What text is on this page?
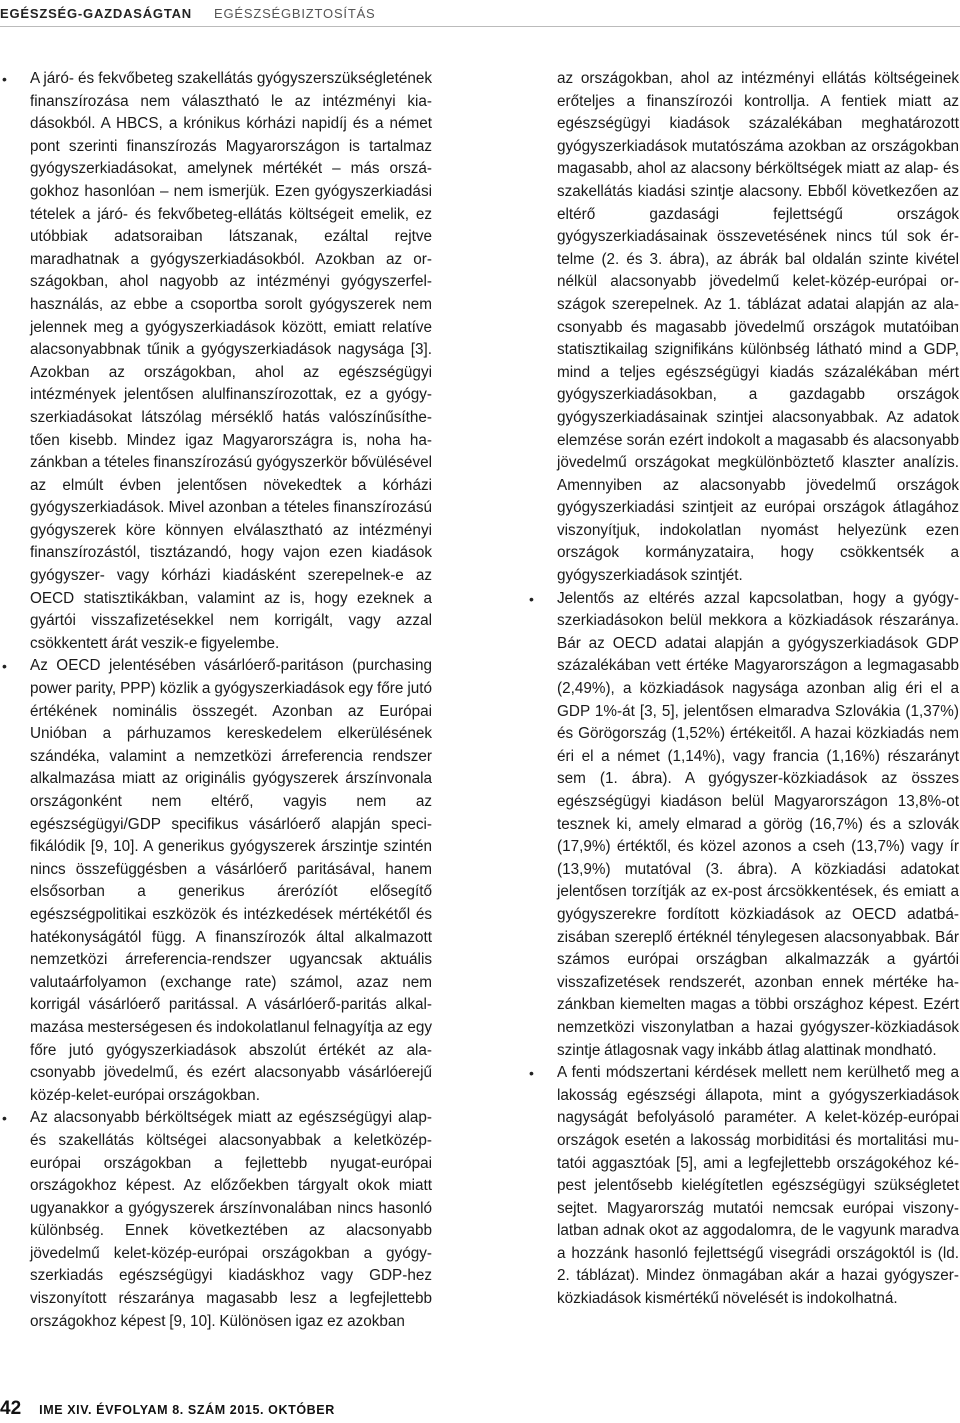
EGÉSZSÉG-GAZDASÁGTAN EGÉSZSÉGBIZTOSÍTÁS

• A járó- és fekvőbeteg szakellátás gyógyszerszükségletének finanszírozása nem választható le az intézményi kiadásokból. A HBCS, a krónikus kórházi napidíj és a német pont szerinti finanszírozás Magyarországon is tartalmaz gyógyszerkiadásokat, amelynek mértékét – más országokhoz hasonlóan – nem ismerjük. Ezen gyógyszerkiadási tételek a járó- és fekvőbeteg-ellátás költségeit emelik, ez utóbbiak adatsoraiban látszanak, ezáltal rejtve maradhatnak a gyógyszerkiadásokból. Azokban az országokban, ahol nagyobb az intézményi gyógyszerfelhasználás, az ebbe a csoportba sorolt gyógyszerek nem jelennek meg a gyógyszerkiadások között, emiatt relatíve alacsonyabbnak tűnik a gyógyszerkiadások nagysága [3]. Azokban az országokban, ahol az egészségügyi intézmények jelentősen alulfinanszírozottak, ez a gyógyszerkiadásokat látszólag mérséklő hatás valószínűsíthetően kisebb. Mindez igaz Magyarországra is, noha hazánkban a tételes finanszírozású gyógyszerkör bővülésével az elmúlt évben jelentősen növekedtek a kórházi gyógyszerkiadások. Mivel azonban a tételes finanszírozású gyógyszerek köre könnyen elválasztható az intézményi finanszírozástól, tisztázandó, hogy vajon ezen kiadások gyógyszer- vagy kórházi kiadásként szerepelnek-e az OECD statisztikákban, valamint az is, hogy ezeknek a gyártói visszafizetésekkel nem korrigált, vagy azzal csökkentett árát veszik-e figyelembe.

• Az OECD jelentésében vásárlóerő-paritáson (purchasing power parity, PPP) közlik a gyógyszerkiadások egy főre jutó értékének nominális összegét. Azonban az Európai Unióban a párhuzamos kereskedelem elkerülésének szándéka, valamint a nemzetközi árreferencia rendszer alkalmazása miatt az originális gyógyszerek árszínvonala országonként nem eltérő, vagyis nem az egészségügyi/GDP specifikus vásárlóerő alapján specifikálódik [9, 10]. A generikus gyógyszerek árszintje szintén nincs összefüggésben a vásárlóerő paritásával, hanem elsősorban a generikus árerózíót elősegítő egészségpolitikai eszközök és intézkedések mértékétől és hatékonyságától függ. A finanszírozók által alkalmazott nemzetközi árreferencia-rendszer ugyancsak aktuális valutaárfolyamon (exchange rate) számol, azaz nem korrigál vásárlóerő paritással. A vásárlóerő-paritás alkalmazása mesterségesen és indokolatlanul felnagyítja az egy főre jutó gyógyszerkiadások abszolút értékét az alacsonyabb jövedelmű, és ezért alacsonyabb vásárlóerejű közép-kelet-európai országokban.

• Az alacsonyabb bérköltségek miatt az egészségügyi alap- és szakellátás költségei alacsonyabbak a keletközép-európai országokban a fejlettebb nyugat-európai országokhoz képest. Az előzőekben tárgyalt okok miatt ugyanakkor a gyógyszerek árszínvonalában nincs hasonló különbség. Ennek következtében az alacsonyabb jövedelmű kelet-közép-európai országokban a gyógyszerkiadás egészségügyi kiadáskhoz vagy GDP-hez viszonyított részaránya magasabb lesz a legfejlettebb országokhoz képest [9, 10]. Különösen igaz ez azokban

az országokban, ahol az intézményi ellátás költségeinek erőteljes a finanszírozói kontrollja. A fentiek miatt az egészségügyi kiadások százalékában meghatározott gyógyszerkiadások mutatószáma azokban az országokban magasabb, ahol az alacsony bérköltségek miatt az alap- és szakellátás kiadási szintje alacsony. Ebből következően az eltérő gazdasági fejlettségű országok gyógyszerkiadásainak összevetésének nincs túl sok értelme (2. és 3. ábra), az ábrák bal oldalán szinte kivétel nélkül alacsonyabb jövedelmű kelet-közép-európai országok szerepelnek. Az 1. táblázat adatai alapján az alacsonyabb és magasabb jövedelmű országok mutatóiban statisztikailag szignifikáns különbség látható mind a GDP, mind a teljes egészségügyi kiadás százalékában mért gyógyszerkiadásokban, a gazdagabb országok gyógyszerkiadásainak szintjei alacsonyabbak. Az adatok elemzése során ezért indokolt a magasabb és alacsonyabb jövedelmű országokat megkülönböztető klaszter analízis. Amennyiben az alacsonyabb jövedelmű országok gyógyszerkiadási szintjeit az európai országok átlagához viszonyítjuk, indokolatlan nyomást helyezünk ezen országok kormányzataira, hogy csökkentsék a gyógyszerkiadások szintjét.

• Jelentős az eltérés azzal kapcsolatban, hogy a gyógyszerkiadásokon belül mekkora a közkiadások részaránya. Bár az OECD adatai alapján a gyógyszerkiadások GDP százalékában vett értéke Magyarországon a legmagasabb (2,49%), a közkiadások nagysága azonban alig éri el a GDP 1%-át [3, 5], jelentősen elmaradva Szlovákia (1,37%) és Görögország (1,52%) értékeitől. A hazai közkiadás nem éri el a német (1,14%), vagy francia (1,16%) részarányt sem (1. ábra). A gyógyszer-közkiadások az összes egészségügyi kiadáson belül Magyarországon 13,8%-ot tesznek ki, amely elmarad a görög (16,7%) és a szlovák (17,9%) értéktől, és közel azonos a cseh (13,7%) vagy ír (13,9%) mutatóval (3. ábra). A közkiadási adatokat jelentősen torzítják az ex-post árcsökkentések, és emiatt a gyógyszerekre fordított közkiadások az OECD adatbázisában szereplő értéknél ténylegesen alacsonyabbak. Bár számos európai országban alkalmazzák a gyártói visszafizetések rendszerét, azonban ennek mértéke hazánkban kiemelten magas a többi országhoz képest. Ezért nemzetközi viszonylatban a hazai gyógyszer-közkiadások szintje átlagosnak vagy inkább átlag alattinak mondható.

• A fenti módszertani kérdések mellett nem kerülhető meg a lakosság egészségi állapota, mint a gyógyszerkiadások nagyságát befolyásoló paraméter. A kelet-közép-európai országok esetén a lakosság morbiditási és mortalitási mutatói aggasztóak [5], ami a legfejlettebb országokéhoz képest jelentősebb kielégítetlen egészségügyi szükségletet sejtet. Magyarország mutatói nemcsak európai viszonylatban adnak okot az aggodalomra, de le vagyunk maradva a hozzánk hasonló fejlettségű visegrádi országoktól is (ld. 2. táblázat). Mindez önmagában akár a hazai gyógyszer-közkiadások kismértékű növelését is indokolhatná.

42 IME XIV. ÉVFOLYAM 8. SZÁM 2015. OKTÓBER
